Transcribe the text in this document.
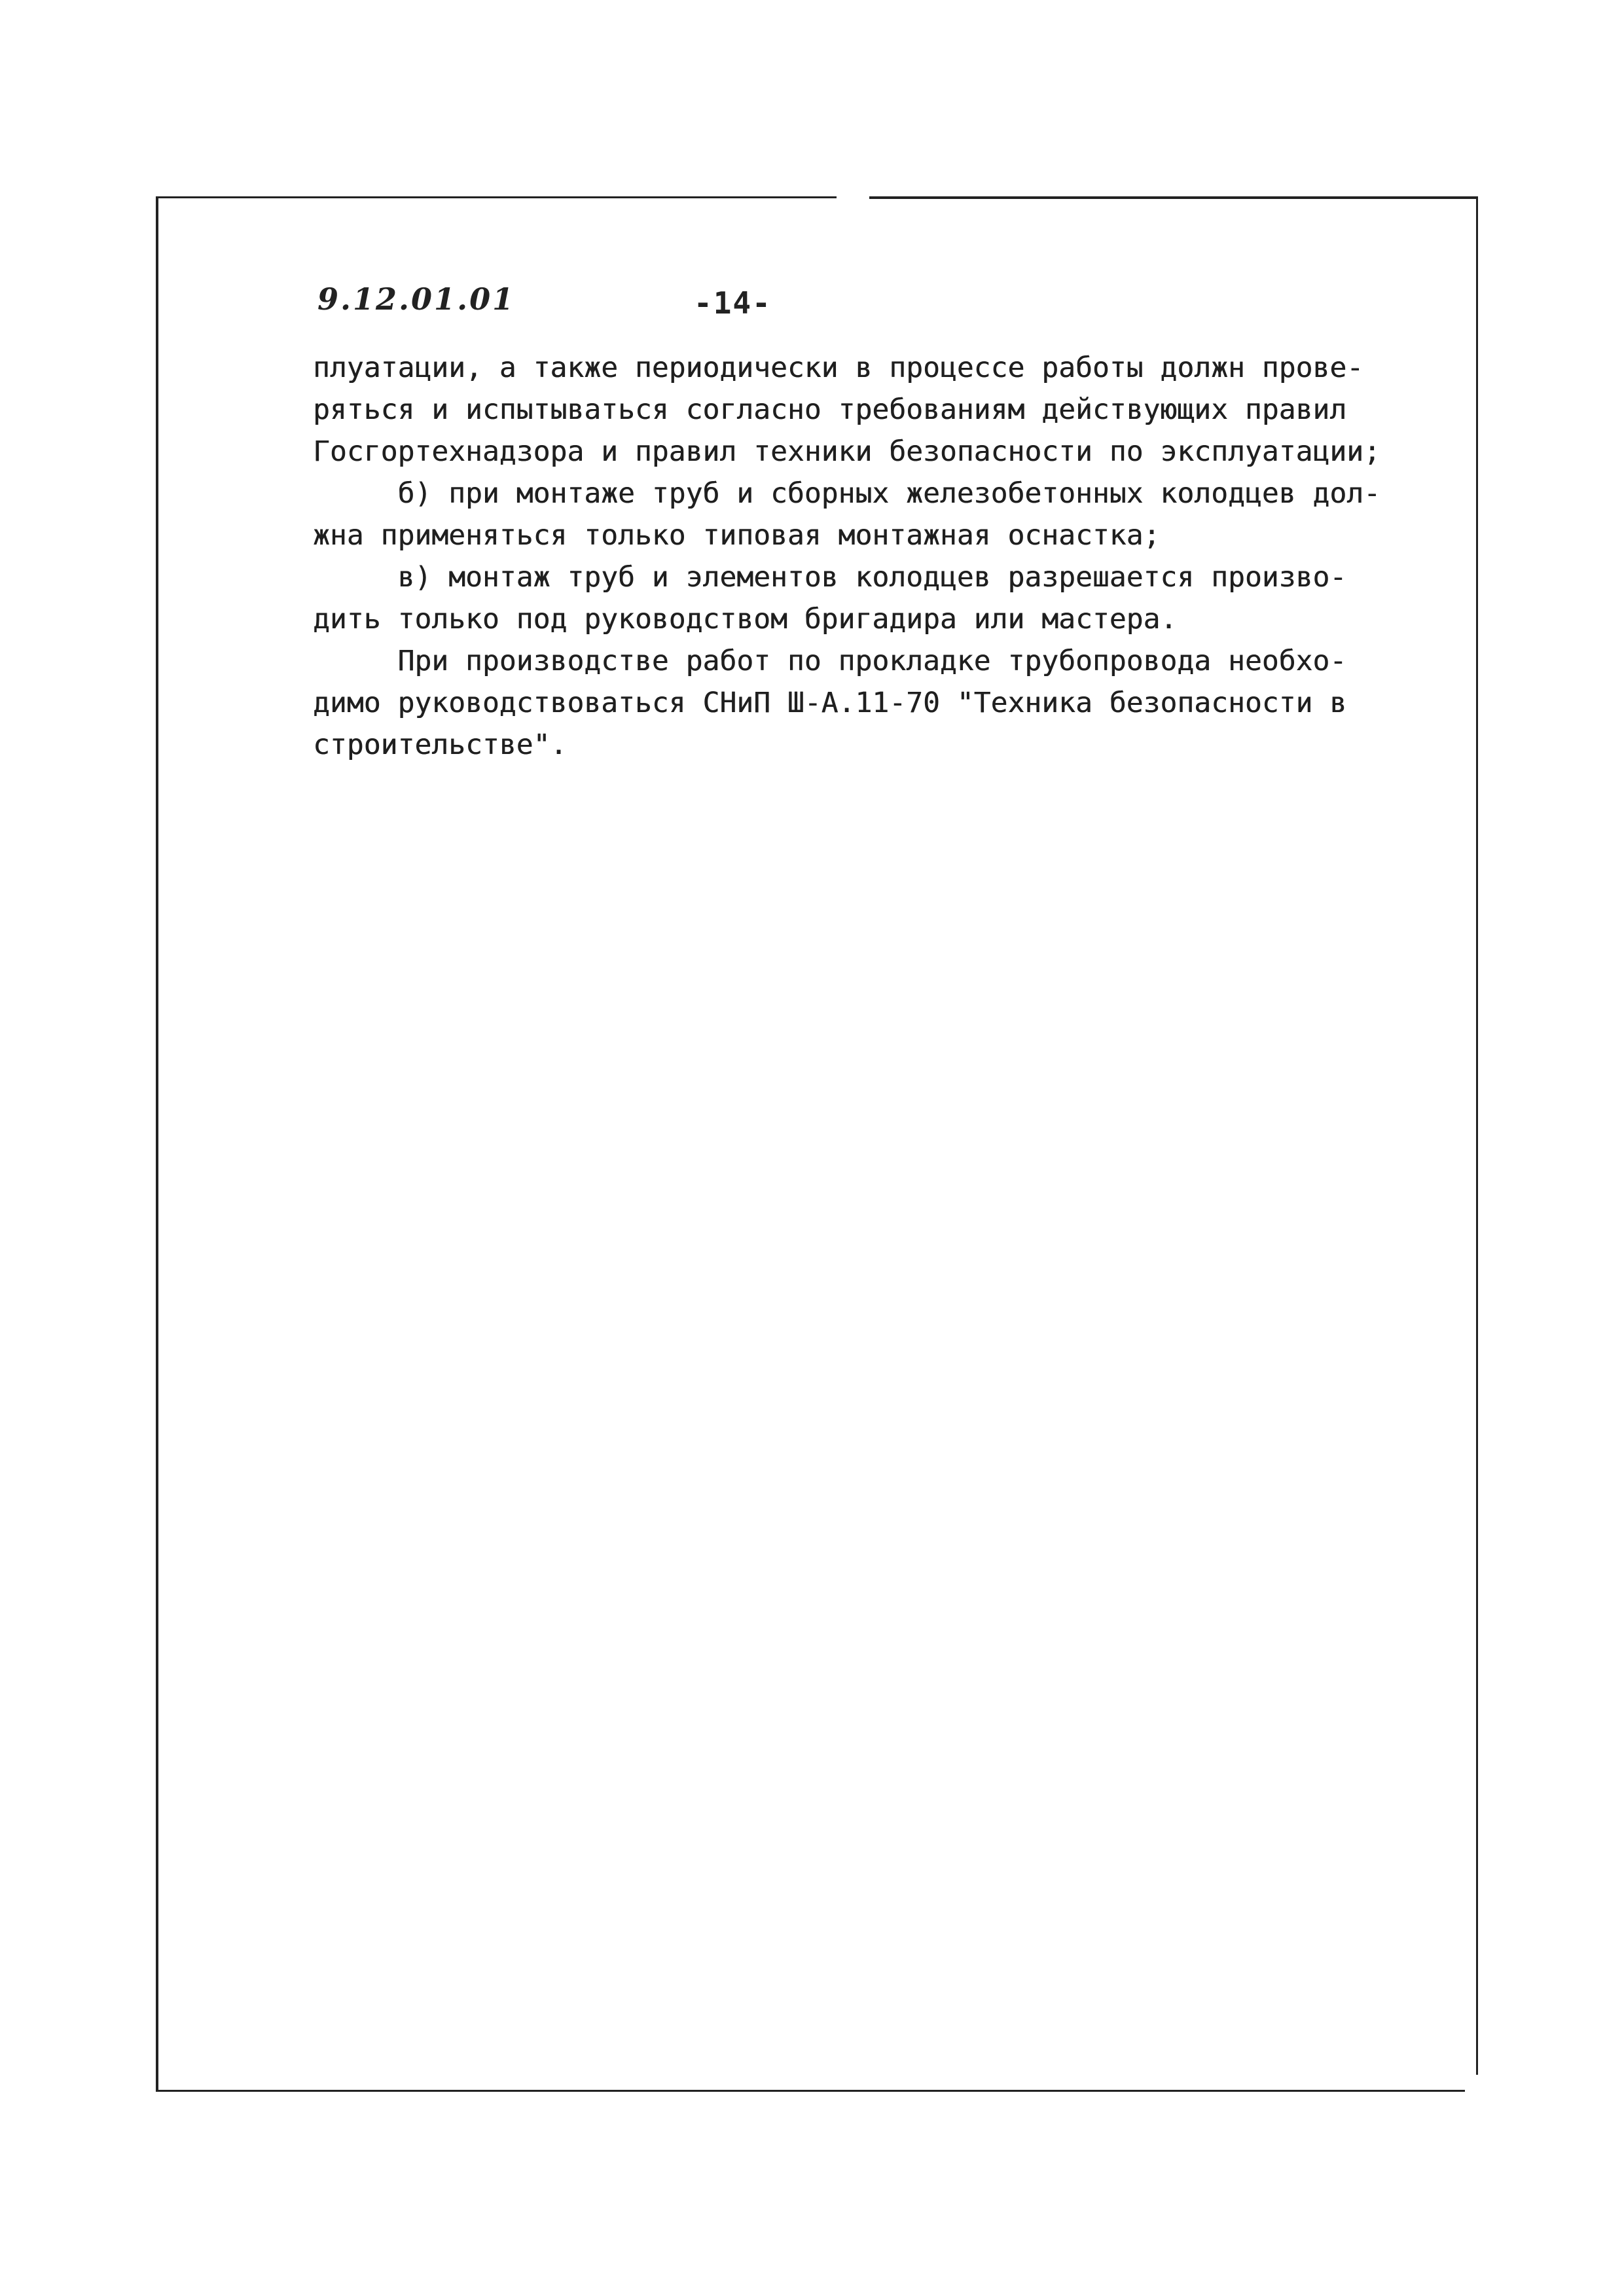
9.12.01.01	-14-
плуатации, а также периодически в процессе работы должн прове-
ряться и испытываться согласно требованиям действующих правил
Госгортехнадзора и правил техники безопасности по эксплуатации;
б) при монтаже труб и сборных железобетонных колодцев дол-
жна применяться только типовая монтажная оснастка;
в) монтаж труб и элементов колодцев разрешается произво-
дить только под руководством бригадира или мастера.
При производстве работ по прокладке трубопровода необхо-
димо руководствоваться СНиП Ш-А.11-70 "Техника безопасности в
строительстве".
